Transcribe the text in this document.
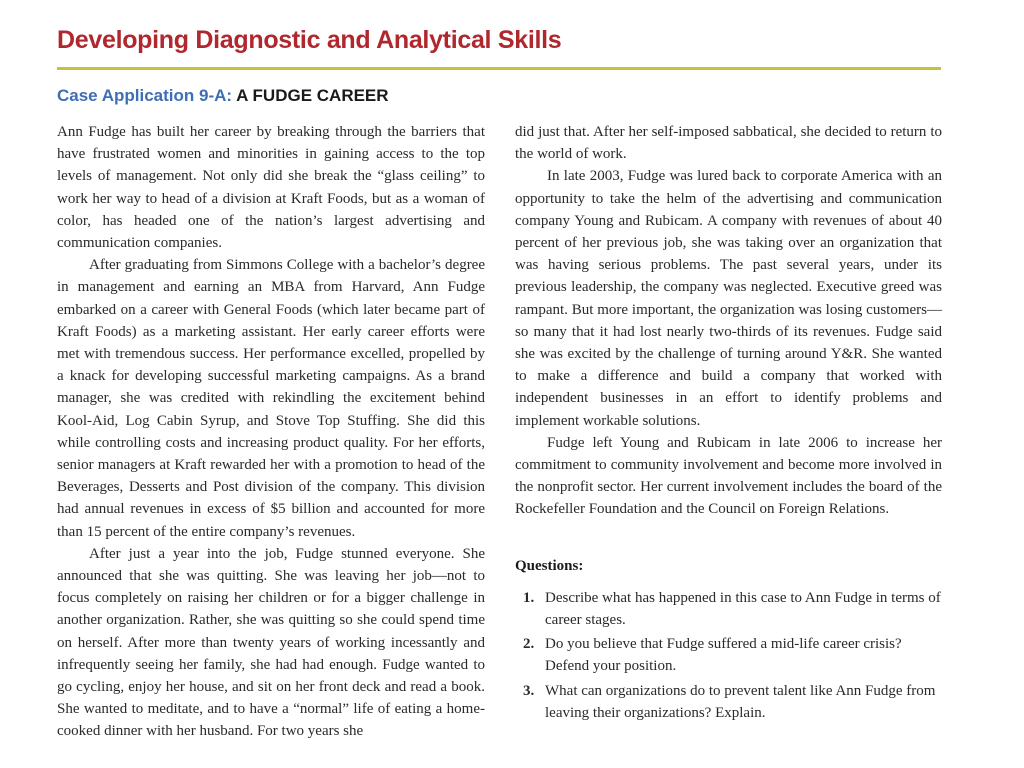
Developing Diagnostic and Analytical Skills
Case Application 9-A: A FUDGE CAREER

Ann Fudge has built her career by breaking through the barriers that have frustrated women and minorities in gaining access to the top levels of management. Not only did she break the “glass ceiling” to work her way to head of a division at Kraft Foods, but as a woman of color, has headed one of the nation’s largest advertising and communication companies.

After graduating from Simmons College with a bachelor’s degree in management and earning an MBA from Harvard, Ann Fudge embarked on a career with General Foods (which later became part of Kraft Foods) as a marketing assistant. Her early career efforts were met with tremendous success. Her performance excelled, propelled by a knack for developing successful marketing campaigns. As a brand manager, she was credited with rekindling the excitement behind Kool-Aid, Log Cabin Syrup, and Stove Top Stuffing. She did this while controlling costs and increasing product quality. For her efforts, senior managers at Kraft rewarded her with a promotion to head of the Beverages, Desserts and Post division of the company. This division had annual revenues in excess of $5 billion and accounted for more than 15 percent of the entire company’s revenues.

After just a year into the job, Fudge stunned everyone. She announced that she was quitting. She was leaving her job—not to focus completely on raising her children or for a bigger challenge in another organization. Rather, she was quitting so she could spend time on herself. After more than twenty years of working incessantly and infrequently seeing her family, she had had enough. Fudge wanted to go cycling, enjoy her house, and sit on her front deck and read a book. She wanted to meditate, and to have a “normal” life of eating a home-cooked dinner with her husband. For two years she

did just that. After her self-imposed sabbatical, she decided to return to the world of work.

In late 2003, Fudge was lured back to corporate America with an opportunity to take the helm of the advertising and communication company Young and Rubicam. A company with revenues of about 40 percent of her previous job, she was taking over an organization that was having serious problems. The past several years, under its previous leadership, the company was neglected. Executive greed was rampant. But more important, the organization was losing customers—so many that it had lost nearly two-thirds of its revenues. Fudge said she was excited by the challenge of turning around Y&R. She wanted to make a difference and build a company that worked with independent businesses in an effort to identify problems and implement workable solutions.

Fudge left Young and Rubicam in late 2006 to increase her commitment to community involvement and become more involved in the nonprofit sector. Her current involvement includes the board of the Rockefeller Foundation and the Council on Foreign Relations.

Questions:
1. Describe what has happened in this case to Ann Fudge in terms of career stages.
2. Do you believe that Fudge suffered a mid-life career crisis? Defend your position.
3. What can organizations do to prevent talent like Ann Fudge from leaving their organizations? Explain.
